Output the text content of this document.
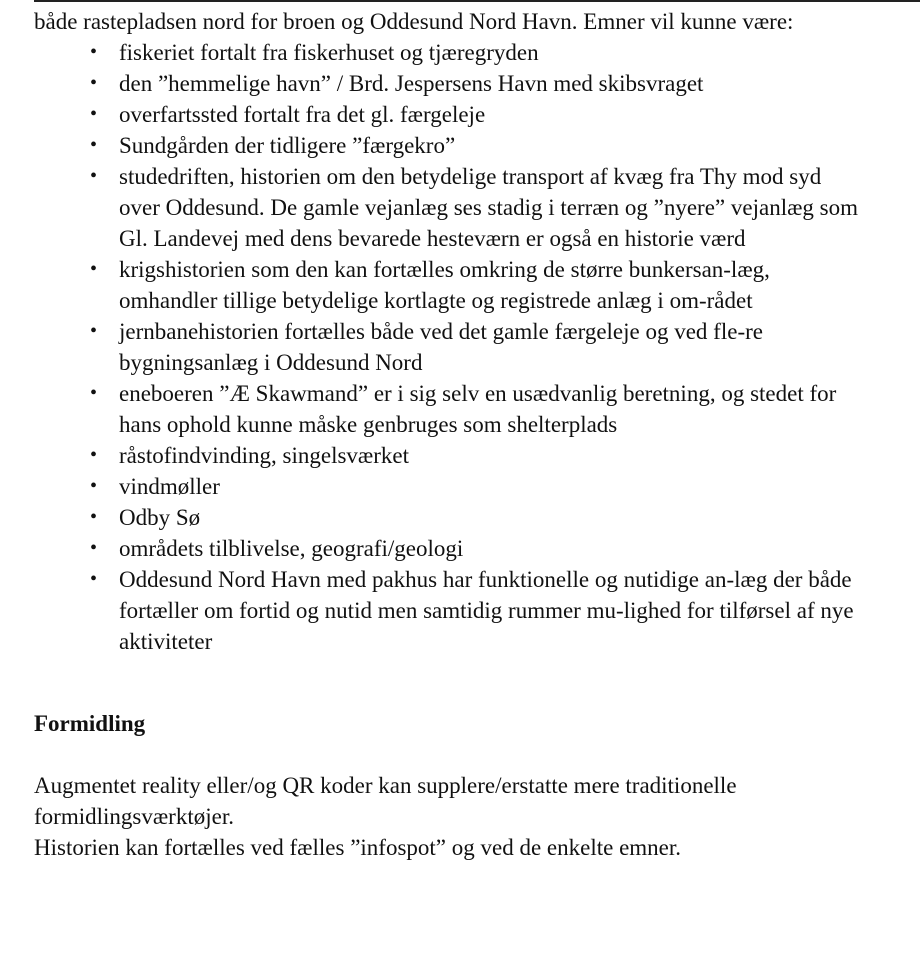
både rastepladsen nord for broen og Oddesund Nord Havn. Emner vil kunne være:

• fiskeriet fortalt fra fiskerhuset og tjæregryden
• den ”hemmelige havn” / Brd. Jespersens Havn med skibsvraget
• overfartssted fortalt fra det gl. færgeleje
• Sundgården der tidligere ”færgekro”
• studedriften, historien om den betydelige transport af kvæg fra Thy mod syd over Oddesund. De gamle vejanlæg ses stadig i terræn og ”nyere” vejanlæg som Gl. Landevej med dens bevarede hesteværn er også en historie værd
• krigshistorien som den kan fortælles omkring de større bunkersan-læg, omhandler tillige betydelige kortlagte og registrede anlæg i om-rådet
• jernbanehistorien fortælles både ved det gamle færgeleje og ved fle-re bygningsanlæg i Oddesund Nord
• eneboeren ”Æ Skawmand” er i sig selv en usædvanlig beretning, og stedet for hans ophold kunne måske genbruges som shelterplads
• råstofindvinding, singelsværket
• vindmøller
• Odby Sø
• områdets tilblivelse, geografi/geologi
• Oddesund Nord Havn med pakhus har funktionelle og nutidige an-læg der både fortæller om fortid og nutid men samtidig rummer mu-lighed for tilførsel af nye aktiviteter

Formidling

Augmentet reality eller/og QR koder kan supplere/erstatte mere traditionelle formidlingsværktøjer.

Historien kan fortælles ved fælles ”infospot” og ved de enkelte emner.
